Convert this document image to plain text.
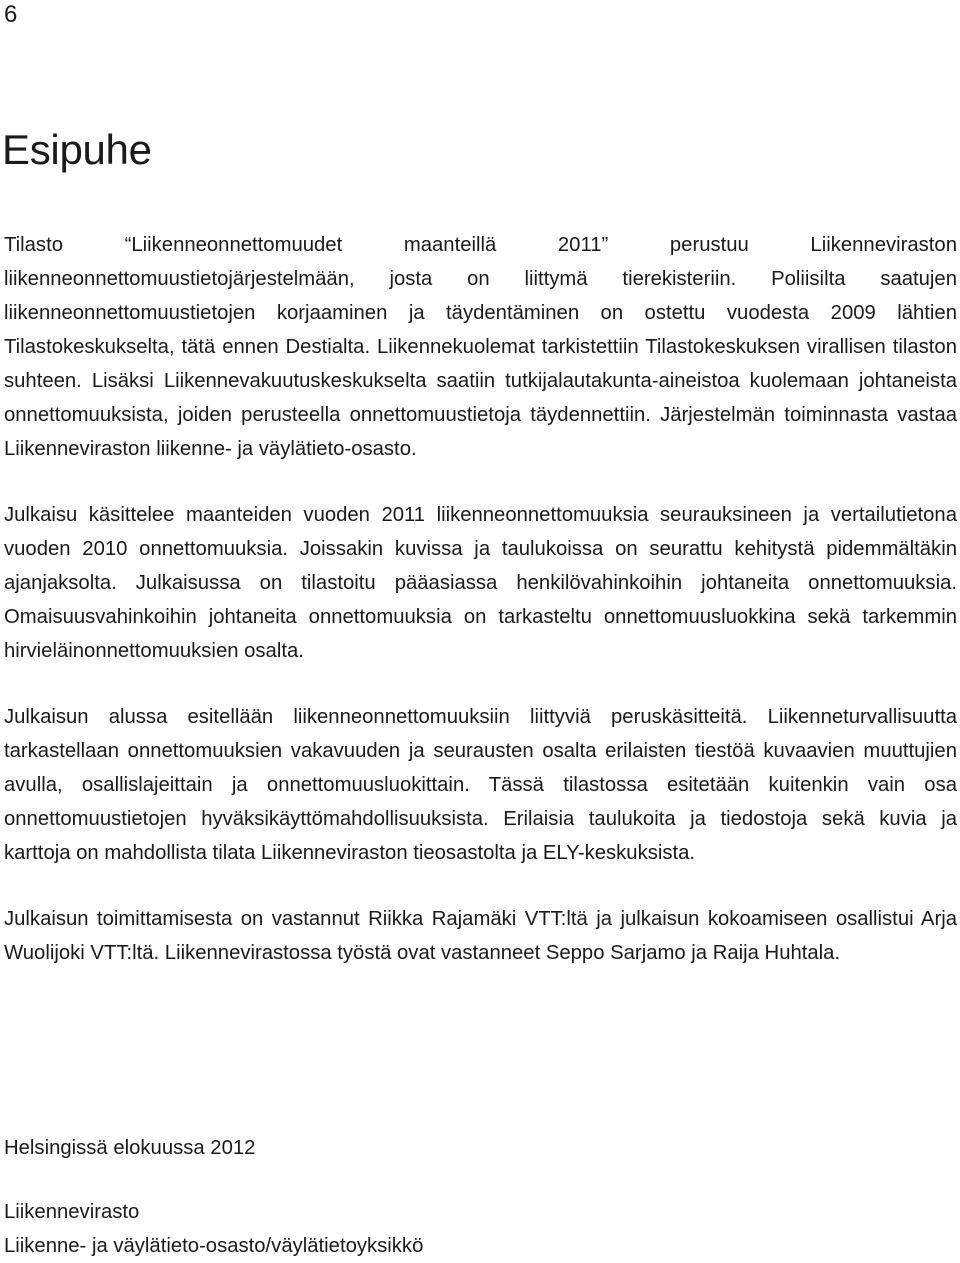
6

Esipuhe

Tilasto “Liikenneonnettomuudet maanteillä 2011” perustuu Liikenneviraston liikenneonnettomuustietojärjestelmään, josta on liittymä tierekisteriin. Poliisilta saatujen liikenneonnettomuustietojen korjaaminen ja täydentäminen on ostettu vuodesta 2009 lähtien Tilastokeskukselta, tätä ennen Destialta. Liikennekuolemat tarkistettiin Tilastokeskuksen virallisen tilaston suhteen. Lisäksi Liikennevakuutuskeskukselta saatiin tutkijalautakunta-aineistoa kuolemaan johtaneista onnettomuuksista, joiden perusteella onnettomuustietoja täydennettiin. Järjestelmän toiminnasta vastaa Liikenneviraston liikenne- ja väylätieto-osasto.

Julkaisu käsittelee maanteiden vuoden 2011 liikenneonnettomuuksia seurauksineen ja vertailutietona vuoden 2010 onnettomuuksia. Joissakin kuvissa ja taulukoissa on seurattu kehitystä pidemmältäkin ajanjaksolta. Julkaisussa on tilastoitu pääasiassa henkilövahinkoihin johtaneita onnettomuuksia. Omaisuusvahinkoihin johtaneita onnettomuuksia on tarkasteltu onnettomuusluokkina sekä tarkemmin hirvieläinonnettomuuksien osalta.

Julkaisun alussa esitellään liikenneonnettomuuksiin liittyviä peruskäsitteitä. Liikenneturvallisuutta tarkastellaan onnettomuuksien vakavuuden ja seurausten osalta erilaisten tiestöä kuvaavien muuttujien avulla, osallislajeittain ja onnettomuusluokittain. Tässä tilastossa esitetään kuitenkin vain osa onnettomuustietojen hyväksikäyttömahdollisuuksista. Erilaisia taulukoita ja tiedostoja sekä kuvia ja karttoja on mahdollista tilata Liikenneviraston tieosastolta ja ELY-keskuksista.

Julkaisun toimittamisesta on vastannut Riikka Rajamäki VTT:ltä ja julkaisun kokoamiseen osallistui Arja Wuolijoki VTT:ltä. Liikennevirastossa työstä ovat vastanneet Seppo Sarjamo ja Raija Huhtala.

Helsingissä elokuussa 2012

Liikennevirasto

Liikenne- ja väylätieto-osasto/väylätietoyksikkö
